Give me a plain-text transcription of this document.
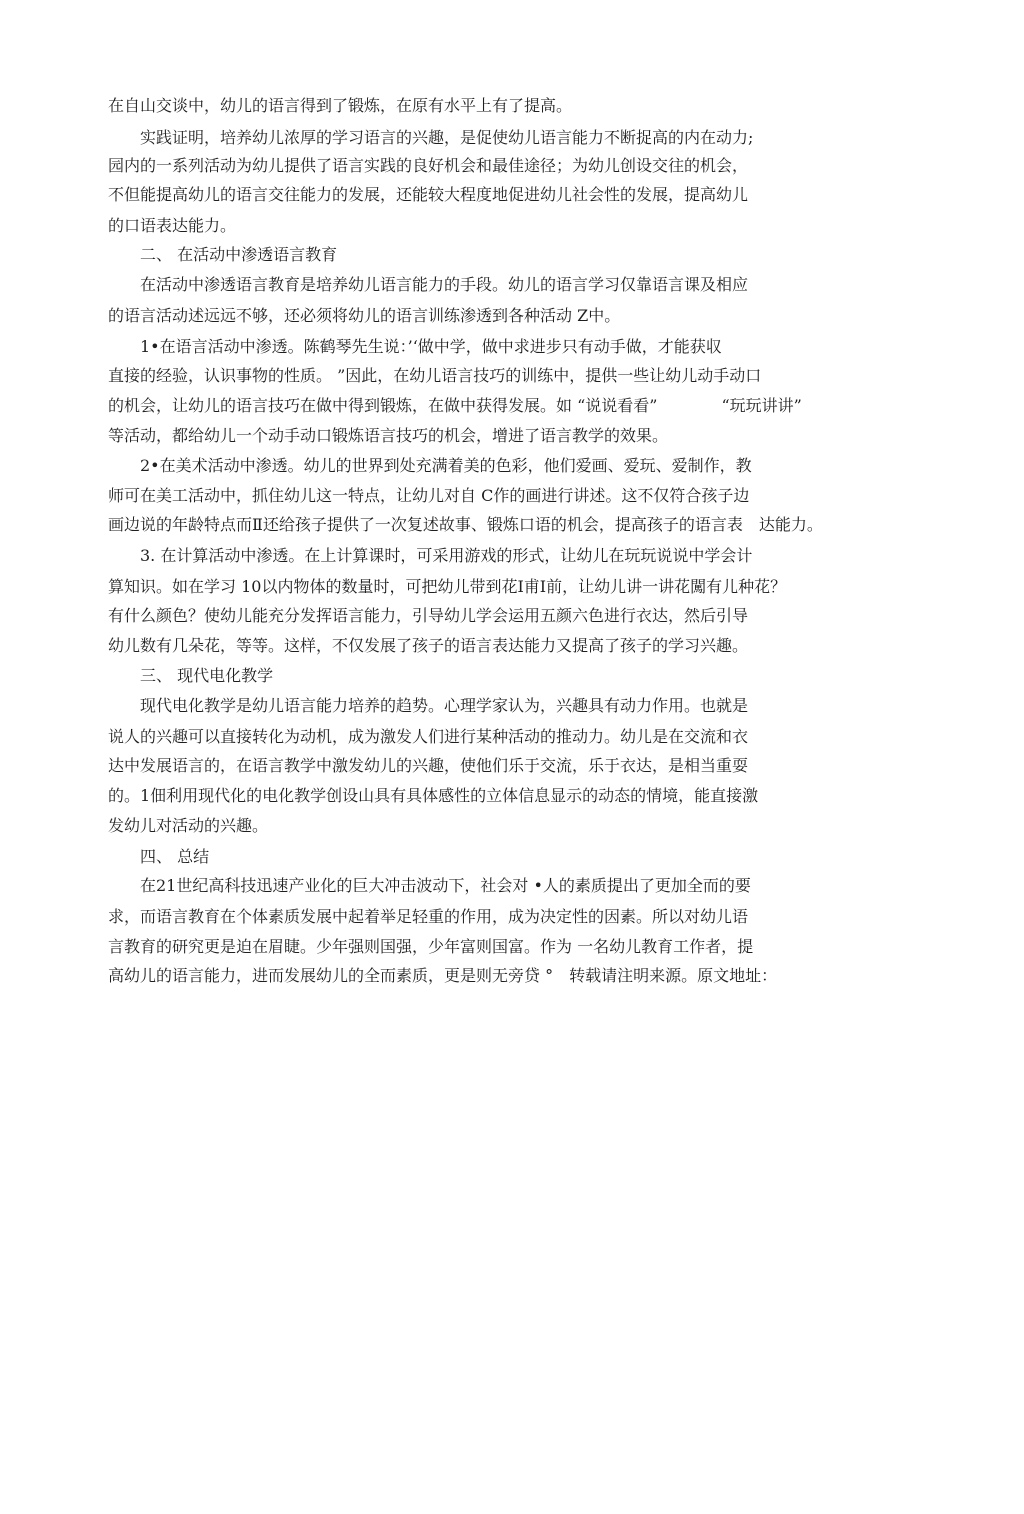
在自山交谈中，幼儿的语言得到了锻炼，在原有水平上有了提高。
　　实践证明，培养幼儿浓厚的学习语言的兴趣，是促使幼儿语言能力不断捉高的内在动力;
园内的一系列活动为幼儿提供了语言实践的良好机会和最佳途径；为幼儿创设交往的机会，
不但能提高幼儿的语言交往能力的发展，还能较大程度地促进幼儿社会性的发展，提高幼儿
的口语表达能力。
　　二、 在活动中渗透语言教育
　　在活动中渗透语言教育是培养幼儿语言能力的手段。幼儿的语言学习仅靠语言课及相应
的语言活动述远远不够，还必须将幼儿的语言训练渗透到各种活动 Z中。
　　1•在语言活动中渗透。陈鹤琴先生说：’‘做中学，做中求进步只有动手做，才能获収
直接的经验，认识事物的性质。 ”因此，在幼儿语言技巧的训练中，提供一些让幼儿动手动口
的机会，让幼儿的语言技巧在做中得到锻炼，在做中获得发展。如 “说说看看”　　　　“玩玩讲讲”
等活动，都给幼儿一个动手动口锻炼语言技巧的机会，增进了语言教学的效果。
　　2•在美术活动中渗透。幼儿的世界到处充满着美的色彩，他们爱画、爱玩、爱制作，教
师可在美工活动中，抓住幼儿这一特点，让幼儿对自 C作的画进行讲述。这不仅符合孩子边
画边说的年龄特点而Ⅱ还给孩子提供了一次复述故事、锻炼口语的机会，提高孩子的语言表　达能力。
　　3. 在计算活动中渗透。在上计算课时，可采用游戏的形式，让幼儿在玩玩说说中学会计
算知识。如在学习 10以内物体的数量时，可把幼儿带到花Ⅰ甫Ⅰ前，让幼儿讲一讲花闖有儿种花？
有什么颜色？使幼儿能充分发挥语言能力，引导幼儿学会运用五颜六色进行衣达，然后引导
幼儿数有几朵花，等等。这样，不仅发展了孩子的语言表达能力又提高了孩子的学习兴趣。
　　三、 现代电化教学
　　现代电化教学是幼儿语言能力培养的趋势。心理学家认为，兴趣具有动力作用。也就是
说人的兴趣可以直接转化为动机，成为激发人们进行某种活动的推动力。幼儿是在交流和衣
达中发展语言的，在语言教学中激发幼儿的兴趣，使他们乐于交流，乐于衣达，是相当重耍
的。1佃利用现代化的电化教学创设山具有具体感性的立体信息显示的动态的情境，能直接激
发幼儿对活动的兴趣。
　　四、 总结
　　在21世纪高科技迅速产业化的巨大冲击波动下，社会对 •人的素质提出了更加全而的要
求，而语言教育在个体素质发展中起着举足轻重的作用，成为决定性的因素。所以对幼儿语
言教育的研究更是迫在眉睫。少年强则国强，少年富则国富。作为 一名幼儿教育工作者，提
高幼儿的语言能力，进而发展幼儿的全而素质，更是则无旁贷 °　转载请注明来源。原文地址：
